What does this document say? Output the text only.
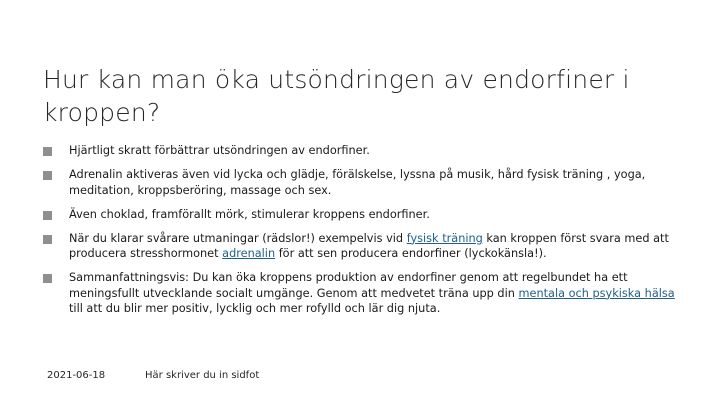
Hur kan man öka utsöndringen av endorfiner i kroppen?
Hjärtligt skratt förbättrar utsöndringen av endorfiner.
Adrenalin aktiveras även vid lycka och glädje, förälskelse, lyssna på musik, hård fysisk träning , yoga, meditation, kroppsberöring, massage och sex.
Även choklad, framförallt mörk, stimulerar kroppens endorfiner.
När du klarar svårare utmaningar (rädslor!) exempelvis vid fysisk träning kan kroppen först svara med att producera stresshormonet adrenalin för att sen producera endorfiner (lyckokänsla!).
Sammanfattningsvis: Du kan öka kroppens produktion av endorfiner genom att regelbundet ha ett meningsfullt utvecklande socialt umgänge. Genom att medvetet träna upp din mentala och psykiska hälsa till att du blir mer positiv, lycklig och mer rofylld och lär dig njuta.
2021-06-18	Här skriver du in sidfot
